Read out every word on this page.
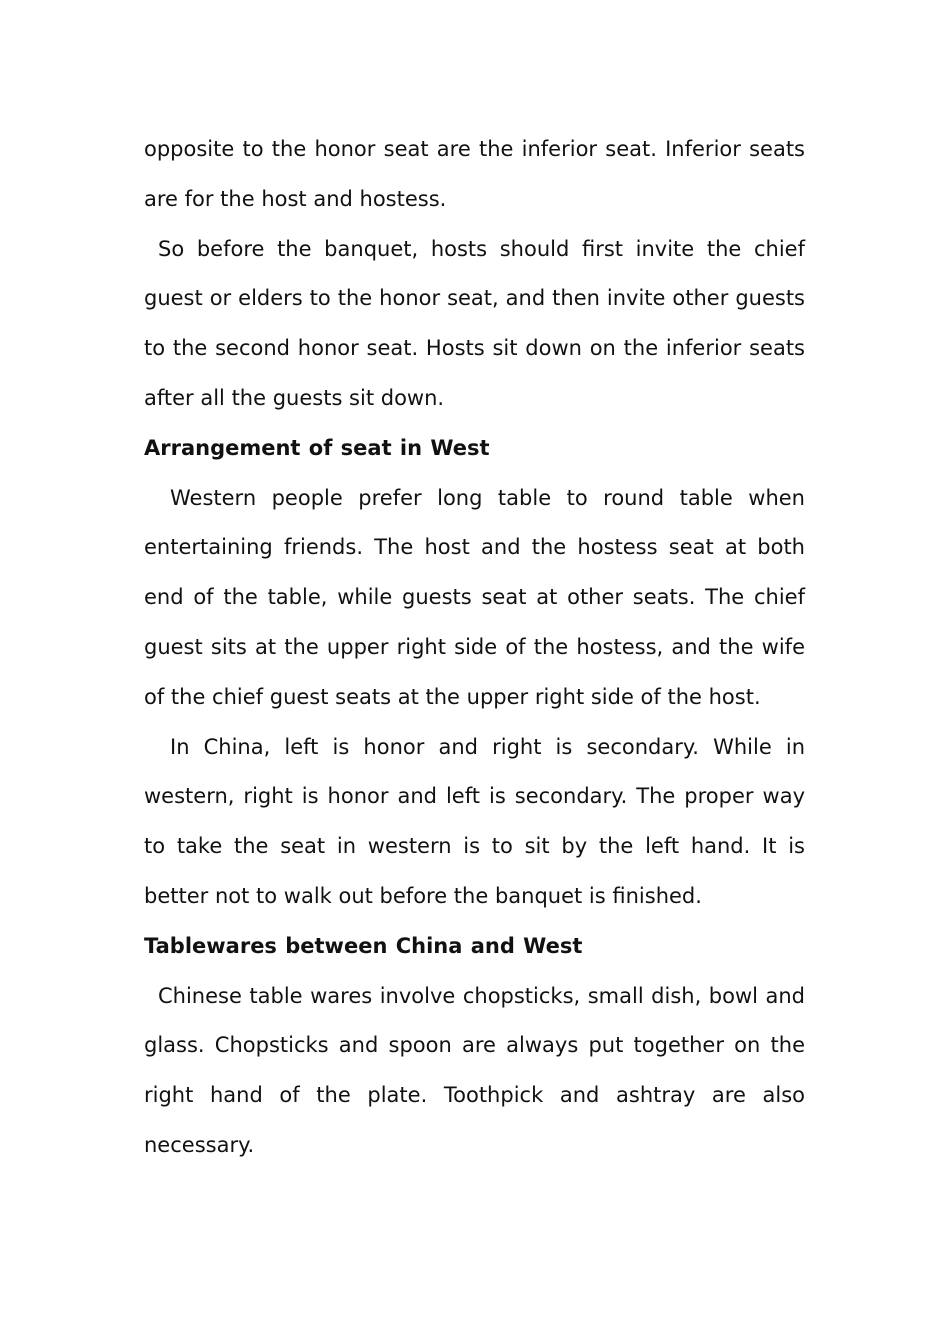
opposite to the honor seat are the inferior seat. Inferior seats are for the host and hostess.

So before the banquet, hosts should first invite the chief guest or elders to the honor seat, and then invite other guests to the second honor seat. Hosts sit down on the inferior seats after all the guests sit down.

Arrangement of seat in West

Western people prefer long table to round table when entertaining friends. The host and the hostess seat at both end of the table, while guests seat at other seats. The chief guest sits at the upper right side of the hostess, and the wife of the chief guest seats at the upper right side of the host.

In China, left is honor and right is secondary. While in western, right is honor and left is secondary. The proper way to take the seat in western is to sit by the left hand. It is better not to walk out before the banquet is finished.

Tablewares between China and West

Chinese table wares involve chopsticks, small dish, bowl and glass. Chopsticks and spoon are always put together on the right hand of the plate. Toothpick and ashtray are also necessary.
